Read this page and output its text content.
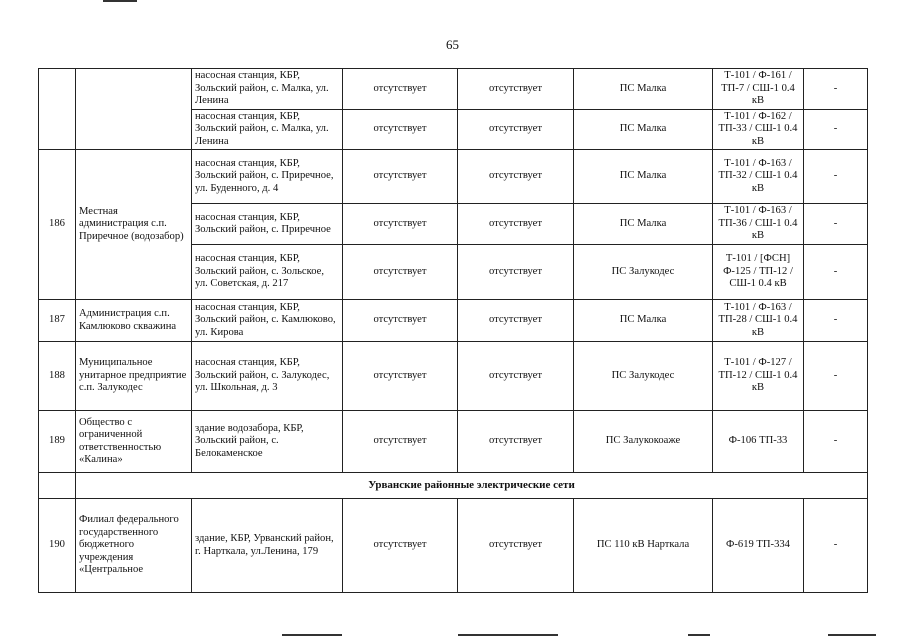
65
		насосная станция, КБР, Зольский район, с. Малка, ул. Ленина	отсутствует	отсутствует	ПС Малка	Т-101 / Ф-161 / ТП-7 / СШ-1 0.4 кВ	-
		насосная станция, КБР, Зольский район, с. Малка, ул. Ленина	отсутствует	отсутствует	ПС Малка	Т-101 / Ф-162 / ТП-33 / СШ-1 0.4 кВ	-
186	Местная администрация с.п. Приречное (водозабор)	насосная станция, КБР, Зольский район, с. Приречное, ул. Буденного, д. 4	отсутствует	отсутствует	ПС Малка	Т-101 / Ф-163 / ТП-32 / СШ-1 0.4 кВ	-
		насосная станция, КБР, Зольский район, с. Приречное	отсутствует	отсутствует	ПС Малка	Т-101 / Ф-163 / ТП-36 / СШ-1 0.4 кВ	-
		насосная станция, КБР, Зольский район, с. Зольское, ул. Советская, д. 217	отсутствует	отсутствует	ПС Залукодес	Т-101 / [ФСН] Ф-125 / ТП-12 / СШ-1 0.4 кВ	-
187	Администрация с.п. Камлюково скважина	насосная станция, КБР, Зольский район, с. Камлюково, ул. Кирова	отсутствует	отсутствует	ПС Малка	Т-101 / Ф-163 / ТП-28 / СШ-1 0.4 кВ	-
188	Муниципальное унитарное предприятие с.п. Залукодес	насосная станция, КБР, Зольский район, с. Залукодес, ул. Школьная, д. 3	отсутствует	отсутствует	ПС Залукодес	Т-101 / Ф-127 / ТП-12 / СШ-1 0.4 кВ	-
189	Общество с ограниченной ответственностью «Калина»	здание водозабора, КБР, Зольский район, с. Белокаменское	отсутствует	отсутствует	ПС Залукокоаже	Ф-106 ТП-33	-
	Урванские районные электрические сети						
190	Филиал федерального государственного бюджетного учреждения «Центральное	здание, КБР, Урванский район, г. Нарткала, ул.Ленина, 179	отсутствует	отсутствует	ПС 110 кВ Нарткала	Ф-619 ТП-334	-
